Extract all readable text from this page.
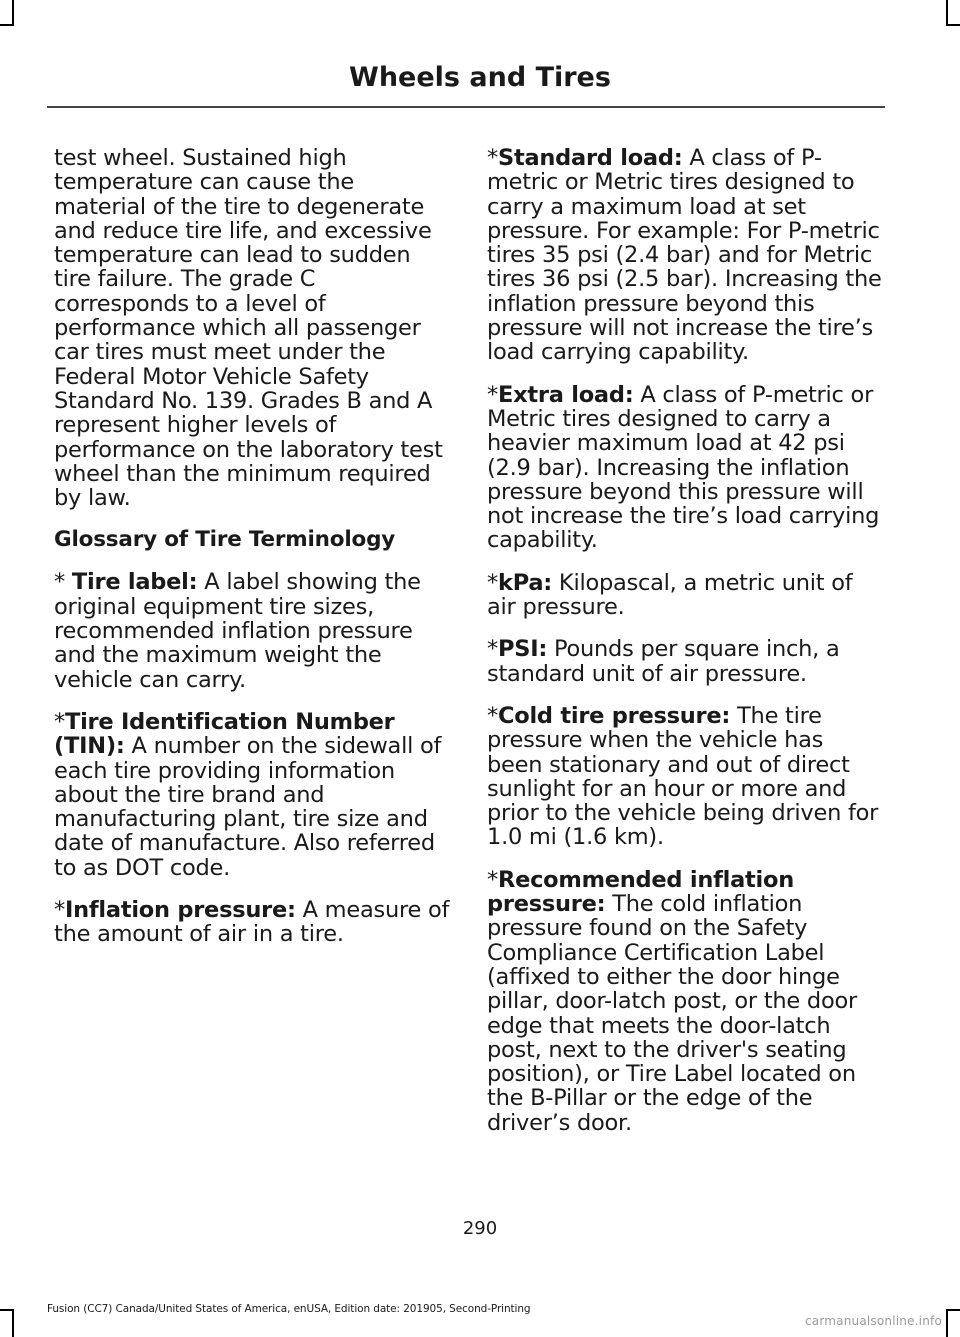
Wheels and Tires

test wheel. Sustained high temperature can cause the material of the tire to degenerate and reduce tire life, and excessive temperature can lead to sudden tire failure. The grade C corresponds to a level of performance which all passenger car tires must meet under the Federal Motor Vehicle Safety Standard No. 139. Grades B and A represent higher levels of performance on the laboratory test wheel than the minimum required by law.

Glossary of Tire Terminology

* Tire label: A label showing the original equipment tire sizes, recommended inflation pressure and the maximum weight the vehicle can carry.

*Tire Identification Number (TIN): A number on the sidewall of each tire providing information about the tire brand and manufacturing plant, tire size and date of manufacture. Also referred to as DOT code.

*Inflation pressure: A measure of the amount of air in a tire.

*Standard load: A class of P-metric or Metric tires designed to carry a maximum load at set pressure. For example: For P-metric tires 35 psi (2.4 bar) and for Metric tires 36 psi (2.5 bar). Increasing the inflation pressure beyond this pressure will not increase the tire’s load carrying capability.

*Extra load: A class of P-metric or Metric tires designed to carry a heavier maximum load at 42 psi (2.9 bar). Increasing the inflation pressure beyond this pressure will not increase the tire’s load carrying capability.

*kPa: Kilopascal, a metric unit of air pressure.

*PSI: Pounds per square inch, a standard unit of air pressure.

*Cold tire pressure: The tire pressure when the vehicle has been stationary and out of direct sunlight for an hour or more and prior to the vehicle being driven for 1.0 mi (1.6 km).

*Recommended inflation pressure: The cold inflation pressure found on the Safety Compliance Certification Label (affixed to either the door hinge pillar, door-latch post, or the door edge that meets the door-latch post, next to the driver's seating position), or Tire Label located on the B-Pillar or the edge of the driver’s door.

290
Fusion (CC7) Canada/United States of America, enUSA, Edition date: 201905, Second-Printing
carmanualsonline.info
